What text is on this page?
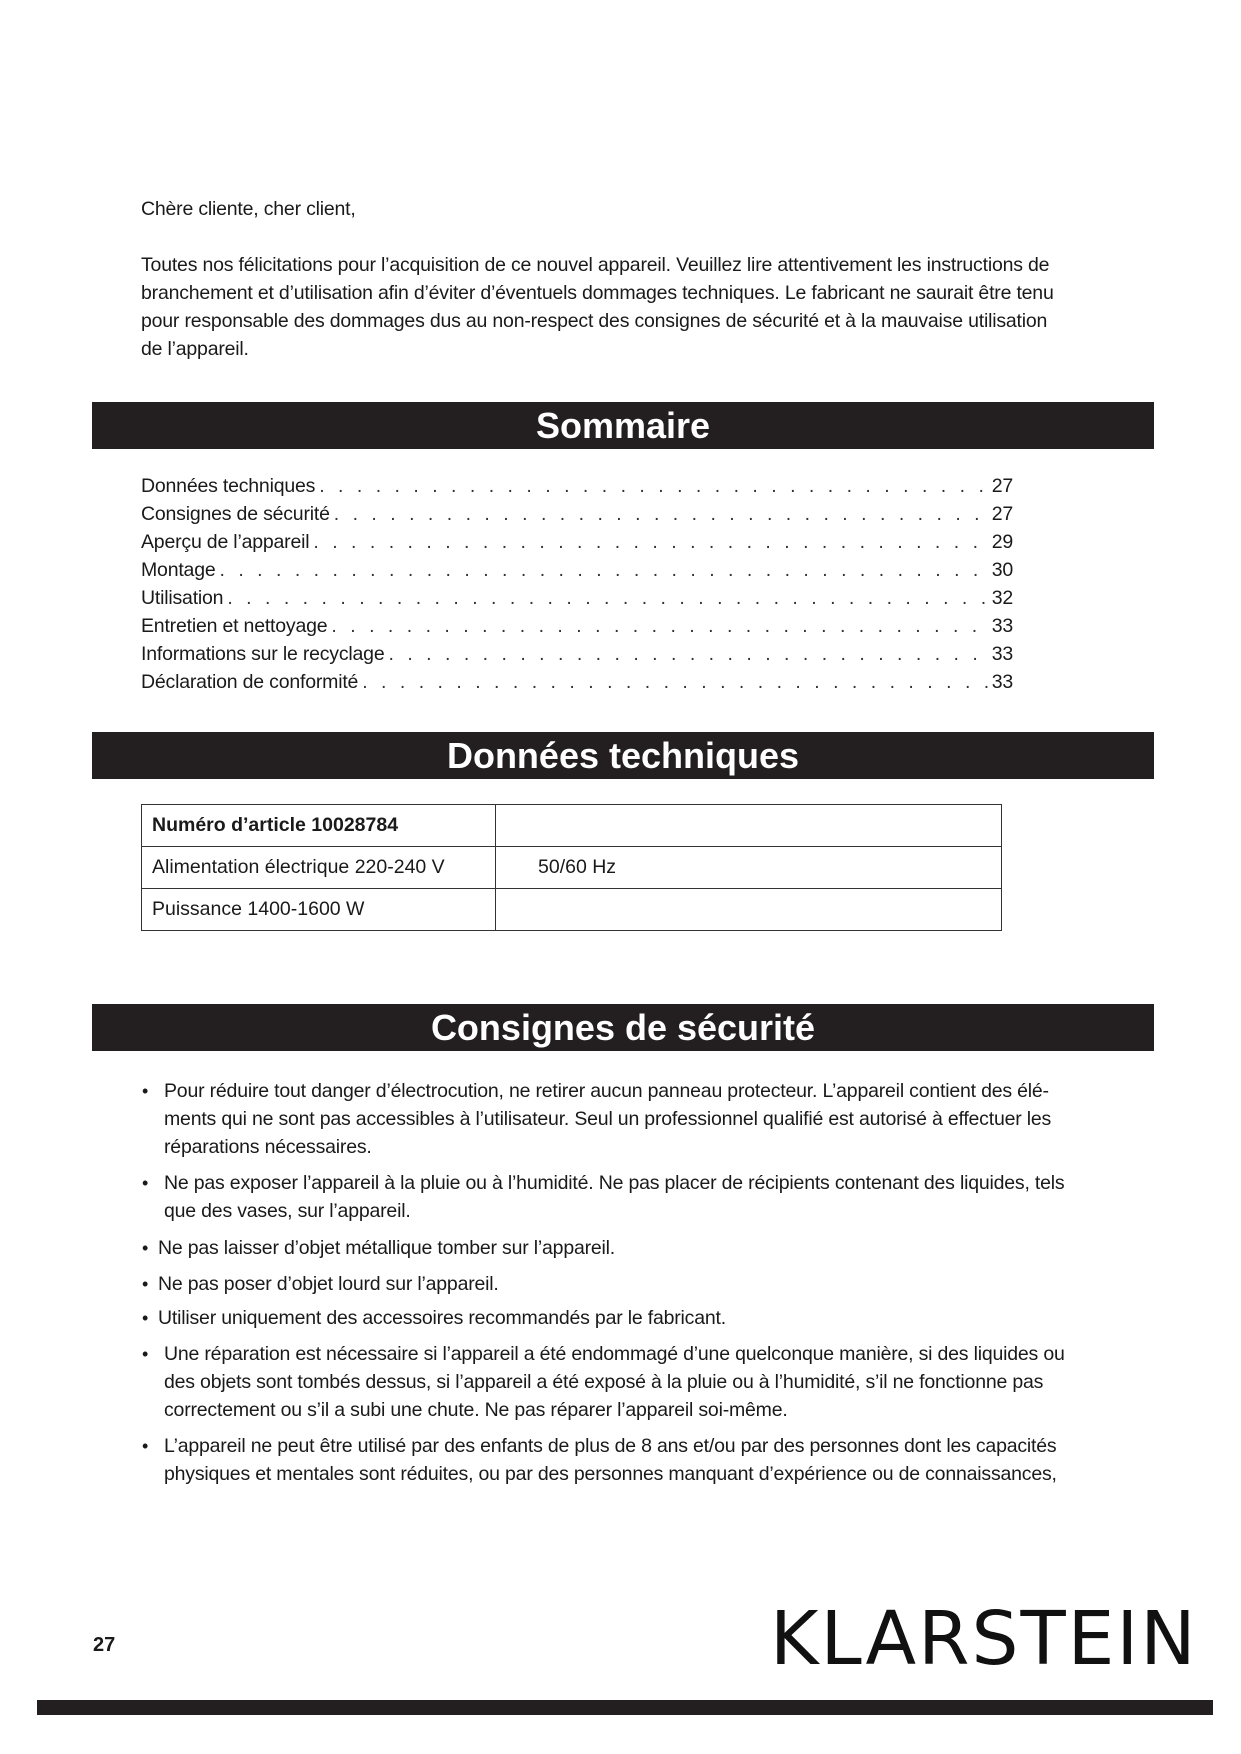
Chère cliente, cher client,
Toutes nos félicitations pour l’acquisition de ce nouvel appareil. Veuillez lire attentivement les instructions de
branchement et d’utilisation afin d’éviter d’éventuels dommages techniques. Le fabricant ne saurait être tenu
pour responsable des dommages dus au non-respect des consignes de sécurité et à la mauvaise utilisation
de l’appareil.
Sommaire
Données techniques . . .	27
Consignes de sécurité . . .	27
Aperçu de l’appareil . . .	29
Montage . . .	30
Utilisation . . .	32
Entretien et nettoyage . . .	33
Informations sur le recyclage . . .	33
Déclaration de conformité . . .	33
Données techniques
Numéro d’article 10028784	
Alimentation électrique 220-240 V	50/60 Hz
Puissance 1400-1600 W	
Consignes de sécurité
• Pour réduire tout danger d’électrocution, ne retirer aucun panneau protecteur. L’appareil contient des élé-
ments qui ne sont pas accessibles à l’utilisateur. Seul un professionnel qualifié est autorisé à effectuer les
réparations nécessaires.
• Ne pas exposer l’appareil à la pluie ou à l’humidité. Ne pas placer de récipients contenant des liquides, tels
que des vases, sur l’appareil.
• Ne pas laisser d’objet métallique tomber sur l’appareil.
• Ne pas poser d’objet lourd sur l’appareil.
• Utiliser uniquement des accessoires recommandés par le fabricant.
• Une réparation est nécessaire si l’appareil a été endommagé d’une quelconque manière, si des liquides ou
des objets sont tombés dessus, si l’appareil a été exposé à la pluie ou à l’humidité, s’il ne fonctionne pas
correctement ou s’il a subi une chute. Ne pas réparer l’appareil soi-même.
• L’appareil ne peut être utilisé par des enfants de plus de 8 ans et/ou par des personnes dont les capacités
physiques et mentales sont réduites, ou par des personnes manquant d’expérience ou de connaissances,
27	KLARSTEIN
